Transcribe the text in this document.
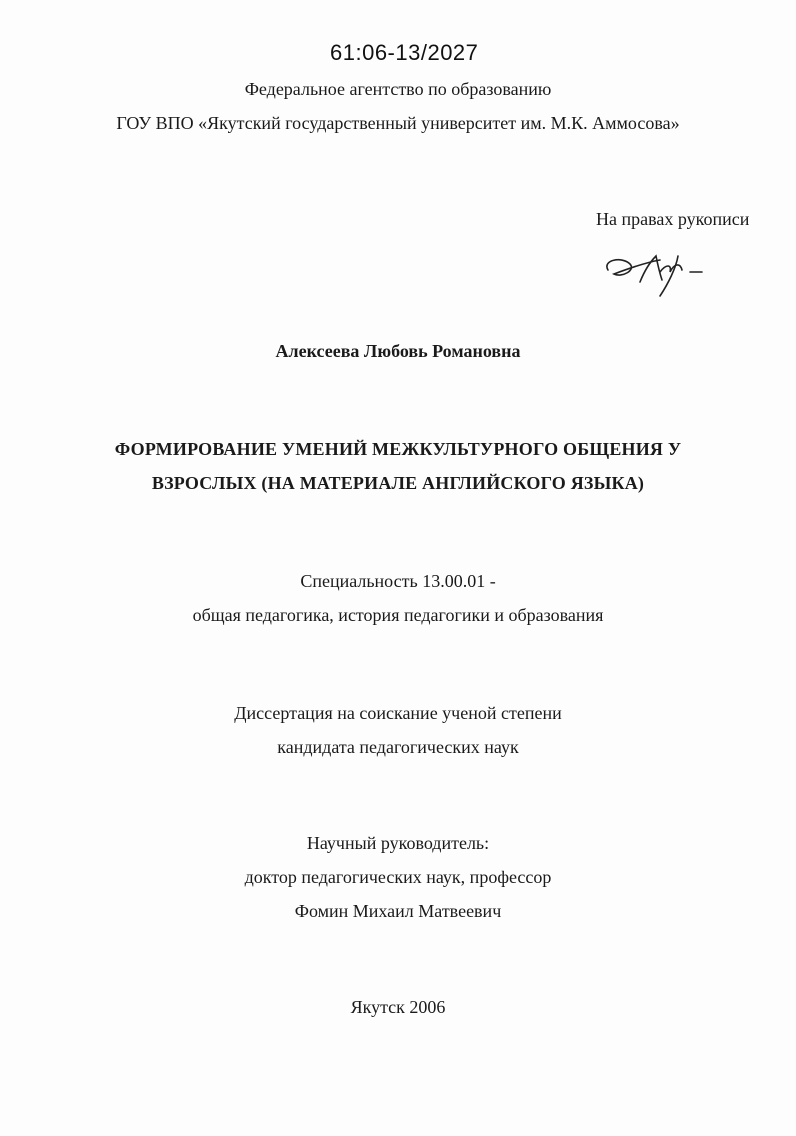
61:06-13/2027
Федеральное агентство по образованию
ГОУ ВПО «Якутский государственный университет им. М.К. Аммосова»
На правах рукописи
Алексеева Любовь Романовна
ФОРМИРОВАНИЕ УМЕНИЙ МЕЖКУЛЬТУРНОГО ОБЩЕНИЯ У
ВЗРОСЛЫХ (НА МАТЕРИАЛЕ АНГЛИЙСКОГО ЯЗЫКА)
Специальность 13.00.01 -
общая педагогика, история педагогики и образования
Диссертация на соискание ученой степени
кандидата педагогических наук
Научный руководитель:
доктор педагогических наук, профессор
Фомин Михаил Матвеевич
Якутск 2006
